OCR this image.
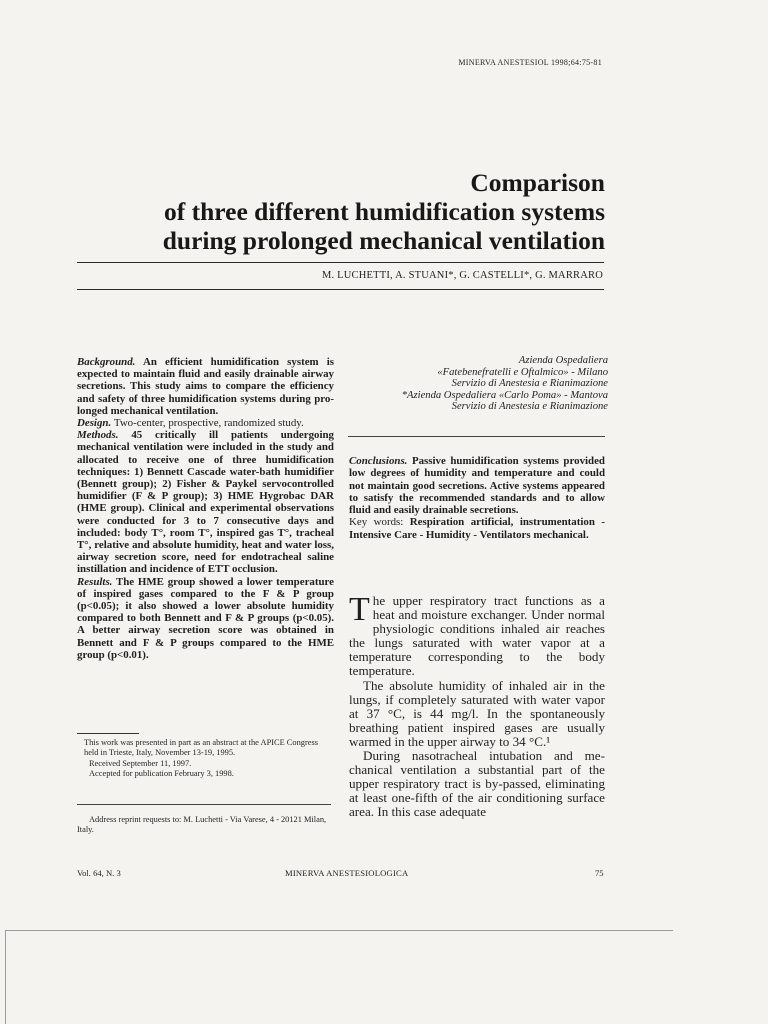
MINERVA ANESTESIOL 1998;64:75-81
Comparison
of three different humidification systems
during prolonged mechanical ventilation
M. LUCHETTI, A. STUANI*, G. CASTELLI*, G. MARRARO

Background. An efficient humidification system is expected to maintain fluid and easily drainable airway secretions. This study aims to compare the efficiency and safety of three humidification systems during prolonged mechanical ventilation.

Design. Two-center, prospective, randomized study.

Methods. 45 critically ill patients undergoing mechanical ventilation were included in the study and allocated to receive one of three humidification techniques: 1) Bennett Cascade water-bath humidifier (Bennett group); 2) Fisher & Paykel servocontrolled humidifier (F & P group); 3) HME Hygrobac DAR (HME group). Clinical and experimental observations were conducted for 3 to 7 consecutive days and included: body T°, room T°, inspired gas T°, tracheal T°, relative and absolute humidity, heat and water loss, airway secretion score, need for endotracheal saline instillation and incidence of ETT occlusion.

Results. The HME group showed a lower temperature of inspired gases compared to the F & P group (p<0.05); it also showed a lower absolute humidity compared to both Bennett and F & P groups (p<0.05). A better airway secretion score was obtained in Bennett and F & P groups compared to the HME group (p<0.01).

This work was presented in part as an abstract at the APICE Congress held in Trieste, Italy, November 13-19, 1995.

Received September 11, 1997.

Accepted for publication February 3, 1998.

Address reprint requests to: M. Luchetti - Via Varese, 4 - 20121 Milan, Italy.

Azienda Ospedaliera
«Fatebenefratelli e Oftalmico» - Milano
Servizio di Anestesia e Rianimazione
*Azienda Ospedaliera «Carlo Poma» - Mantova
Servizio di Anestesia e Rianimazione

Conclusions. Passive humidification systems provided low degrees of humidity and temperature and could not maintain good secretions. Active systems appeared to satisfy the recommended standards and to allow fluid and easily drainable secretions.

Key words: Respiration artificial, instrumentation - Intensive Care - Humidity - Ventilators mechanical.

The upper respiratory tract functions as a heat and moisture exchanger. Under normal physiologic conditions inhaled air reaches the lungs saturated with water vapor at a temperature corresponding to the body temperature.

The absolute humidity of inhaled air in the lungs, if completely saturated with water vapor at 37 °C, is 44 mg/l. In the spontaneously breathing patient inspired gases are usually warmed in the upper airway to 34 °C.¹

During nasotracheal intubation and mechanical ventilation a substantial part of the upper respiratory tract is by-passed, eliminating at least one-fifth of the air conditioning surface area. In this case adequate

Vol. 64, N. 3	MINERVA ANESTESIOLOGICA	75
